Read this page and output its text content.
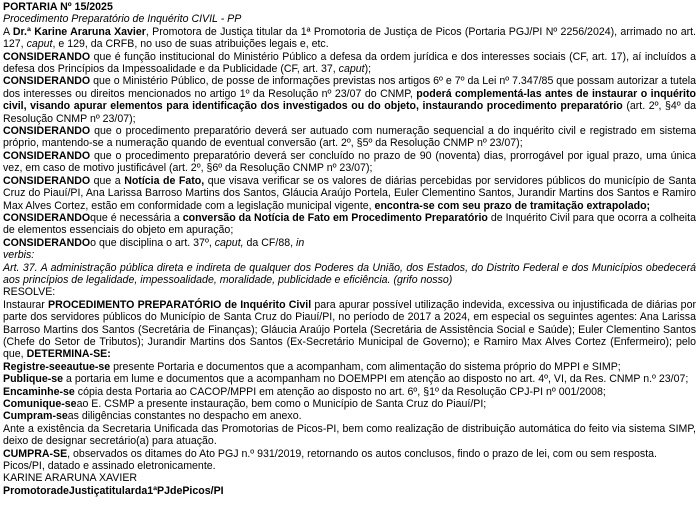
PORTARIA Nº 15/2025

Procedimento Preparatório de Inquérito CIVIL - PP

A Dr.ª Karine Araruna Xavier, Promotora de Justiça titular da 1ª Promotoria de Justiça de Picos (Portaria PGJ/PI Nº 2256/2024), arrimado no art. 127, caput, e 129, da CRFB, no uso de suas atribuições legais e, etc.

CONSIDERANDO que é função institucional do Ministério Público a defesa da ordem jurídica e dos interesses sociais (CF, art. 17), aí incluídos a defesa dos Princípios da Impessoalidade e da Publicidade (CF, art. 37, caput);

CONSIDERANDO que o Ministério Público, de posse de informações previstas nos artigos 6º e 7º da Lei nº 7.347/85 que possam autorizar a tutela dos interesses ou direitos mencionados no artigo 1º da Resolução nº 23/07 do CNMP, poderá complementá-las antes de instaurar o inquérito civil, visando apurar elementos para identificação dos investigados ou do objeto, instaurando procedimento preparatório (art. 2º, §4º da Resolução CNMP nº 23/07);

CONSIDERANDO que o procedimento preparatório deverá ser autuado com numeração sequencial a do inquérito civil e registrado em sistema próprio, mantendo-se a numeração quando de eventual conversão (art. 2º, §5º da Resolução CNMP nº 23/07);

CONSIDERANDO que o procedimento preparatório deverá ser concluído no prazo de 90 (noventa) dias, prorrogável por igual prazo, uma única vez, em caso de motivo justificável (art. 2º, §6º da Resolução CNMP nº 23/07);

CONSIDERANDO que a Notícia de Fato, que visava verificar se os valores de diárias percebidas por servidores públicos do município de Santa Cruz do Piauí/PI, Ana Larissa Barroso Martins dos Santos, Gláucia Araújo Portela, Euler Clementino Santos, Jurandir Martins dos Santos e Ramiro Max Alves Cortez, estão em conformidade com a legislação municipal vigente, encontra-se com seu prazo de tramitação extrapolado;

CONSIDERANDOque é necessária a conversão da Notícia de Fato em Procedimento Preparatório de Inquérito Civil para que ocorra a colheita de elementos essenciais do objeto em apuração;

CONSIDERANDOo que disciplina o art. 37º, caput, da CF/88, in

verbis:

Art. 37. A administração pública direta e indireta de qualquer dos Poderes da União, dos Estados, do Distrito Federal e dos Municípios obedecerá aos princípios de legalidade, impessoalidade, moralidade, publicidade e eficiência. (grifo nosso)

RESOLVE:

Instaurar PROCEDIMENTO PREPARATÓRIO de Inquérito Civil para apurar possível utilização indevida, excessiva ou injustificada de diárias por parte dos servidores públicos do Município de Santa Cruz do Piauí/PI, no período de 2017 a 2024, em especial os seguintes agentes: Ana Larissa Barroso Martins dos Santos (Secretária de Finanças); Gláucia Araújo Portela (Secretária de Assistência Social e Saúde); Euler Clementino Santos (Chefe do Setor de Tributos); Jurandir Martins dos Santos (Ex-Secretário Municipal de Governo); e Ramiro Max Alves Cortez (Enfermeiro); pelo que, DETERMINA-SE:

Registre-seeautue-se presente Portaria e documentos que a acompanham, com alimentação do sistema próprio do MPPI e SIMP;

Publique-se a portaria em lume e documentos que a acompanham no DOEMPPI em atenção ao disposto no art. 4º, VI, da Res. CNMP n.º 23/07;

Encaminhe-se cópia desta Portaria ao CACOP/MPPI em atenção ao disposto no art. 6º, §1º da Resolução CPJ-PI nº 001/2008;

Comunique-seao E. CSMP a presente instauração, bem como o Município de Santa Cruz do Piauí/PI;

Cumpram-seas diligências constantes no despacho em anexo.

Ante a existência da Secretaria Unificada das Promotorias de Picos-PI, bem como realização de distribuição automática do feito via sistema SIMP, deixo de designar secretário(a) para atuação.

CUMPRA-SE, observados os ditames do Ato PGJ n.º 931/2019, retornando os autos conclusos, findo o prazo de lei, com ou sem resposta.

Picos/PI, datado e assinado eletronicamente.

KARINE ARARUNA XAVIER

PromotoradeJustiçatitularda1ªPJdePicos/PI
